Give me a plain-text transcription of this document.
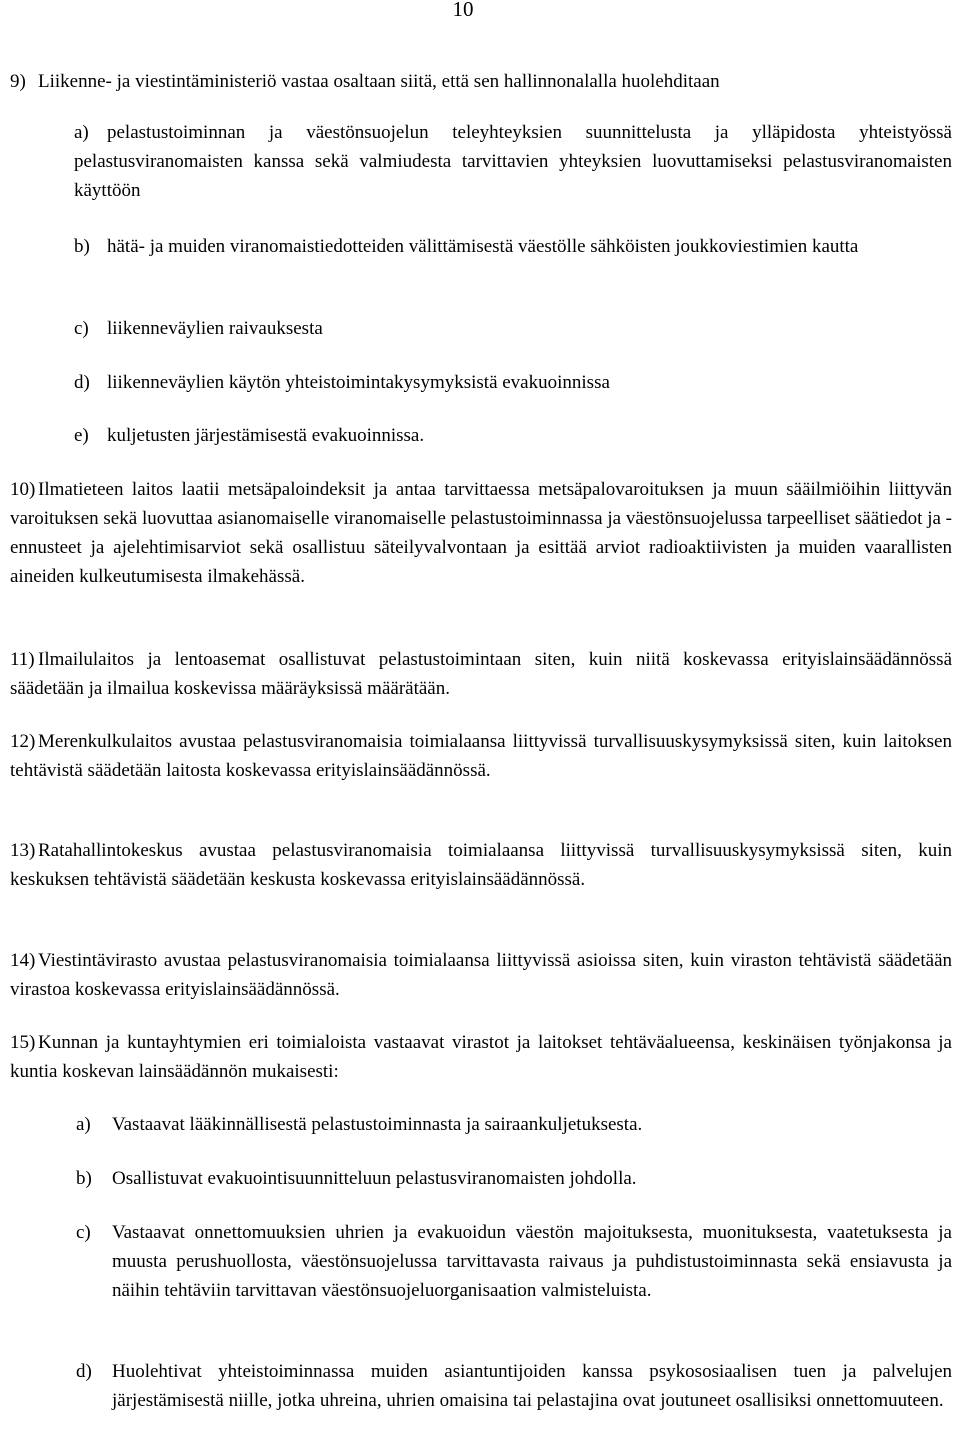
10
9) Liikenne- ja viestintäministeriö vastaa osaltaan siitä, että sen hallinnonalalla huolehditaan
a) pelastustoiminnan ja väestönsuojelun teleyhteyksien suunnittelusta ja ylläpidosta yhteistyössä pelastusviranomaisten kanssa sekä valmiudesta tarvittavien yhteyksien luovuttamiseksi pelastusviranomaisten käyttöön
b) hätä- ja muiden viranomaistiedotteiden välittämisestä väestölle sähköisten joukkoviestimien kautta
c) liikenneväylien raivauksesta
d) liikenneväylien käytön yhteistoimintakysymyksistä evakuoinnissa
e) kuljetusten järjestämisestä evakuoinnissa.
10) Ilmatieteen laitos laatii metsäpaloindeksit ja antaa tarvittaessa metsäpalovaroituksen ja muun sääilmiöihin liittyvän varoituksen sekä luovuttaa asianomaiselle viranomaiselle pelastustoiminnassa ja väestönsuojelussa tarpeelliset säätiedot ja -ennusteet ja ajelehtimisarviot sekä osallistuu säteilyvalvontaan ja esittää arviot radioaktiivisten ja muiden vaarallisten aineiden kulkeutumisesta ilmakehässä.
11) Ilmailulaitos ja lentoasemat osallistuvat pelastustoimintaan siten, kuin niitä koskevassa erityislainsäädännössä säädetään ja ilmailua koskevissa määräyksissä määrätään.
12) Merenkulkulaitos avustaa pelastusviranomaisia toimialaansa liittyvissä turvallisuuskysymyksissä siten, kuin laitoksen tehtävistä säädetään laitosta koskevassa erityislainsäädännössä.
13) Ratahallintokeskus avustaa pelastusviranomaisia toimialaansa liittyvissä turvallisuuskysymyksissä siten, kuin keskuksen tehtävistä säädetään keskusta koskevassa erityislainsäädännössä.
14) Viestintävirasto avustaa pelastusviranomaisia toimialaansa liittyvissä asioissa siten, kuin viraston tehtävistä säädetään virastoa koskevassa erityislainsäädännössä.
15) Kunnan ja kuntayhtymien eri toimialoista vastaavat virastot ja laitokset tehtäväalueensa, keskinäisen työnjakonsa ja kuntia koskevan lainsäädännön mukaisesti:
a)	Vastaavat lääkinnällisestä pelastustoiminnasta ja sairaankuljetuksesta.
b)	Osallistuvat evakuointisuunnitteluun pelastusviranomaisten johdolla.
c)	Vastaavat onnettomuuksien uhrien ja evakuoidun väestön majoituksesta, muonituksesta, vaatetuksesta ja muusta perushuollosta, väestönsuojelussa tarvittavasta raivaus ja puhdistustoiminnasta sekä ensiavusta ja näihin tehtäviin tarvittavan väestönsuojeluorganisaation valmisteluista.
d)	Huolehtivat yhteistoiminnassa muiden asiantuntijoiden kanssa psykososiaalisen tuen ja palvelujen järjestämisestä niille, jotka uhreina, uhrien omaisina tai pelastajina ovat joutuneet osallisiksi onnettomuuteen.
